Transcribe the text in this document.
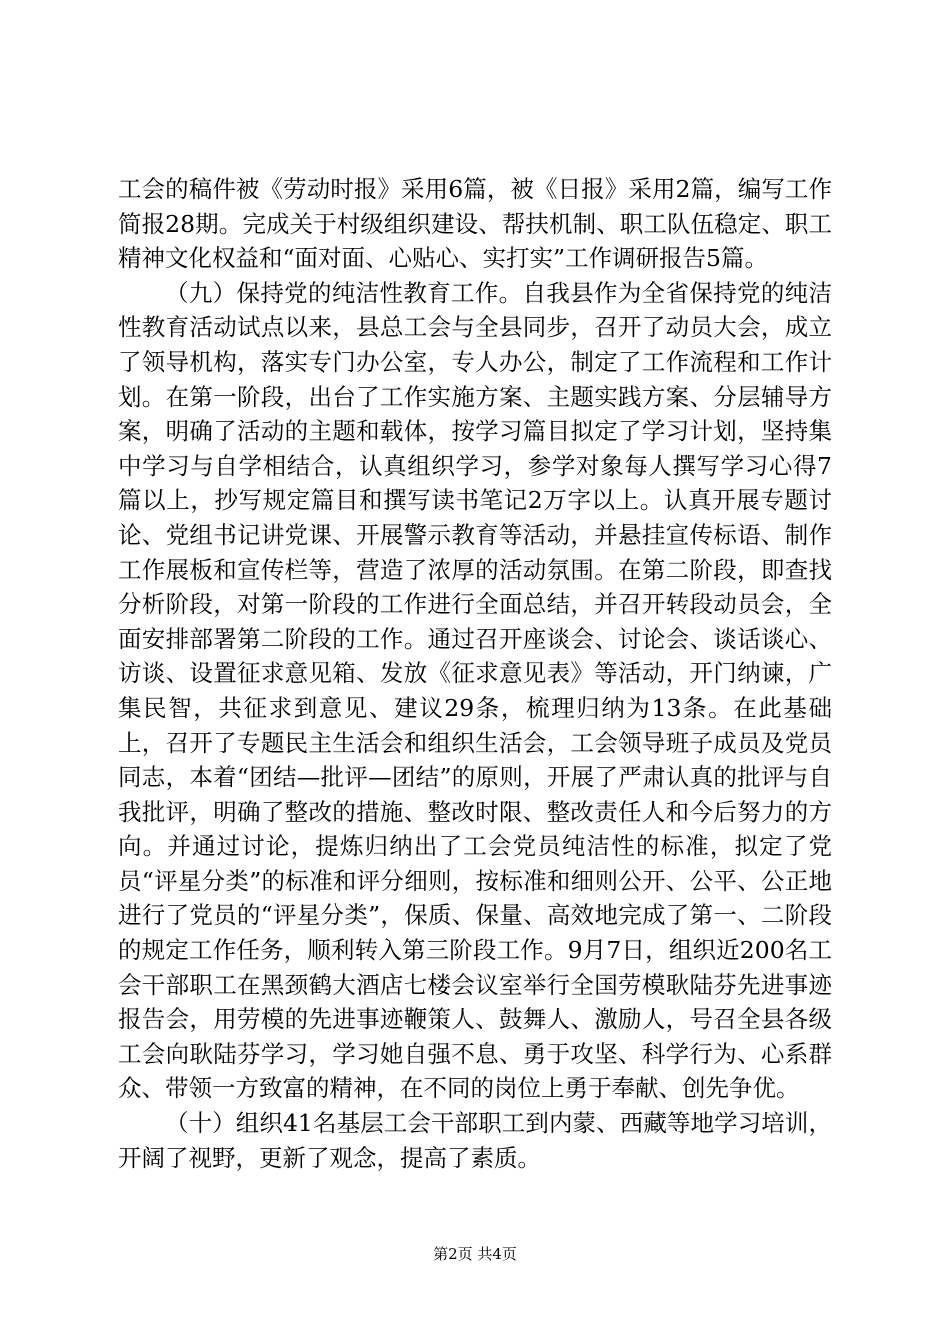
工会的稿件被《劳动时报》采用6篇，被《日报》采用2篇，编写工作简报28期。完成关于村级组织建设、帮扶机制、职工队伍稳定、职工精神文化权益和“面对面、心贴心、实打实”工作调研报告5篇。

（九）保持党的纯洁性教育工作。自我县作为全省保持党的纯洁性教育活动试点以来，县总工会与全县同步，召开了动员大会，成立了领导机构，落实专门办公室，专人办公，制定了工作流程和工作计划。在第一阶段，出台了工作实施方案、主题实践方案、分层辅导方案，明确了活动的主题和载体，按学习篇目拟定了学习计划，坚持集中学习与自学相结合，认真组织学习，参学对象每人撰写学习心得7篇以上，抄写规定篇目和撰写读书笔记2万字以上。认真开展专题讨论、党组书记讲党课、开展警示教育等活动，并悬挂宣传标语、制作工作展板和宣传栏等，营造了浓厚的活动氛围。在第二阶段，即查找分析阶段，对第一阶段的工作进行全面总结，并召开转段动员会，全面安排部署第二阶段的工作。通过召开座谈会、讨论会、谈话谈心、访谈、设置征求意见箱、发放《征求意见表》等活动，开门纳谏，广集民智，共征求到意见、建议29条，梳理归纳为13条。在此基础上，召开了专题民主生活会和组织生活会，工会领导班子成员及党员同志，本着“团结—批评—团结”的原则，开展了严肃认真的批评与自我批评，明确了整改的措施、整改时限、整改责任人和今后努力的方向。并通过讨论，提炼归纳出了工会党员纯洁性的标准，拟定了党员“评星分类”的标准和评分细则，按标准和细则公开、公平、公正地进行了党员的“评星分类”，保质、保量、高效地完成了第一、二阶段的规定工作任务，顺利转入第三阶段工作。9月7日，组织近200名工会干部职工在黑颈鹤大酒店七楼会议室举行全国劳模耿陆芬先进事迹报告会，用劳模的先进事迹鞭策人、鼓舞人、激励人，号召全县各级工会向耿陆芬学习，学习她自强不息、勇于攻坚、科学行为、心系群众、带领一方致富的精神，在不同的岗位上勇于奉献、创先争优。

（十）组织41名基层工会干部职工到内蒙、西藏等地学习培训，开阔了视野，更新了观念，提高了素质。

第2页 共4页
